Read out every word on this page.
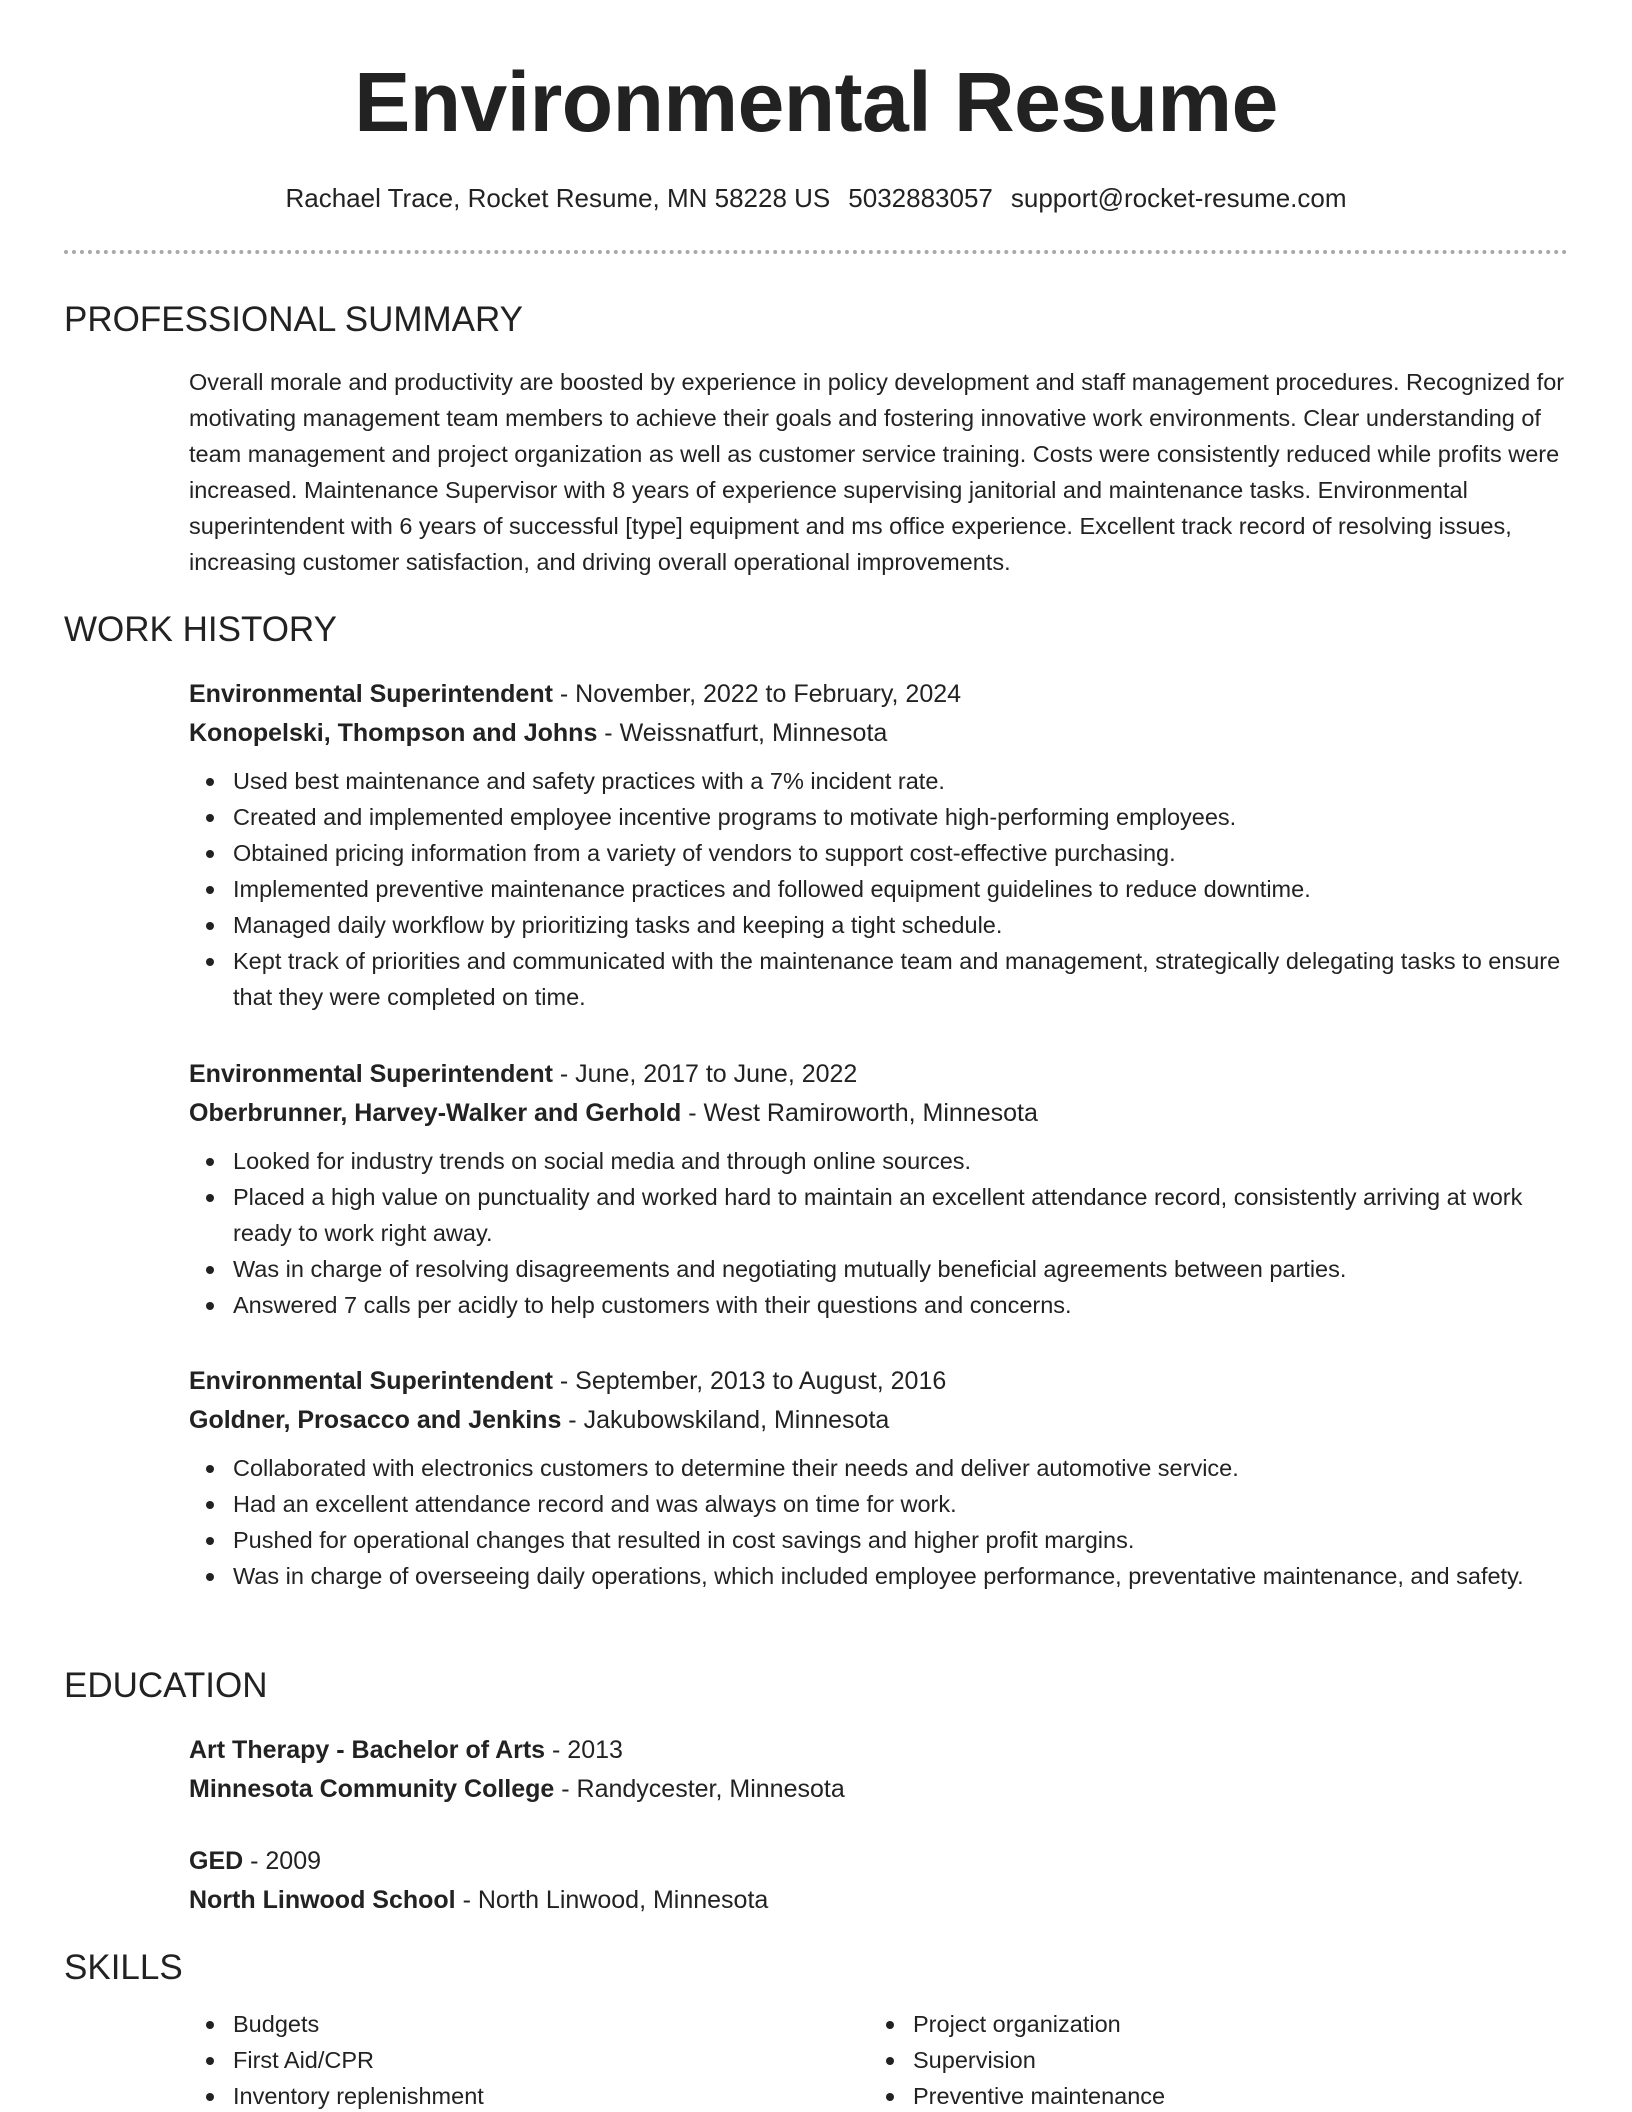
Environmental Resume
Rachael Trace, Rocket Resume, MN 58228 US 5032883057 support@rocket-resume.com
PROFESSIONAL SUMMARY

Overall morale and productivity are boosted by experience in policy development and staff management procedures. Recognized for motivating management team members to achieve their goals and fostering innovative work environments. Clear understanding of team management and project organization as well as customer service training. Costs were consistently reduced while profits were increased. Maintenance Supervisor with 8 years of experience supervising janitorial and maintenance tasks. Environmental superintendent with 6 years of successful [type] equipment and ms office experience. Excellent track record of resolving issues, increasing customer satisfaction, and driving overall operational improvements.

WORK HISTORY

Environmental Superintendent - November, 2022 to February, 2024

Konopelski, Thompson and Johns - Weissnatfurt, Minnesota

Used best maintenance and safety practices with a 7% incident rate.
Created and implemented employee incentive programs to motivate high-performing employees.
Obtained pricing information from a variety of vendors to support cost-effective purchasing.
Implemented preventive maintenance practices and followed equipment guidelines to reduce downtime.
Managed daily workflow by prioritizing tasks and keeping a tight schedule.
Kept track of priorities and communicated with the maintenance team and management, strategically delegating tasks to ensure that they were completed on time.

Environmental Superintendent - June, 2017 to June, 2022

Oberbrunner, Harvey-Walker and Gerhold - West Ramiroworth, Minnesota

Looked for industry trends on social media and through online sources.
Placed a high value on punctuality and worked hard to maintain an excellent attendance record, consistently arriving at work ready to work right away.
Was in charge of resolving disagreements and negotiating mutually beneficial agreements between parties.
Answered 7 calls per acidly to help customers with their questions and concerns.

Environmental Superintendent - September, 2013 to August, 2016

Goldner, Prosacco and Jenkins - Jakubowskiland, Minnesota

Collaborated with electronics customers to determine their needs and deliver automotive service.
Had an excellent attendance record and was always on time for work.
Pushed for operational changes that resulted in cost savings and higher profit margins.
Was in charge of overseeing daily operations, which included employee performance, preventative maintenance, and safety.
EDUCATION

Art Therapy - Bachelor of Arts - 2013

Minnesota Community College - Randycester, Minnesota

GED - 2009

North Linwood School - North Linwood, Minnesota

SKILLS
Budgets
First Aid/CPR
Inventory replenishment
Project organization
Supervision
Preventive maintenance
